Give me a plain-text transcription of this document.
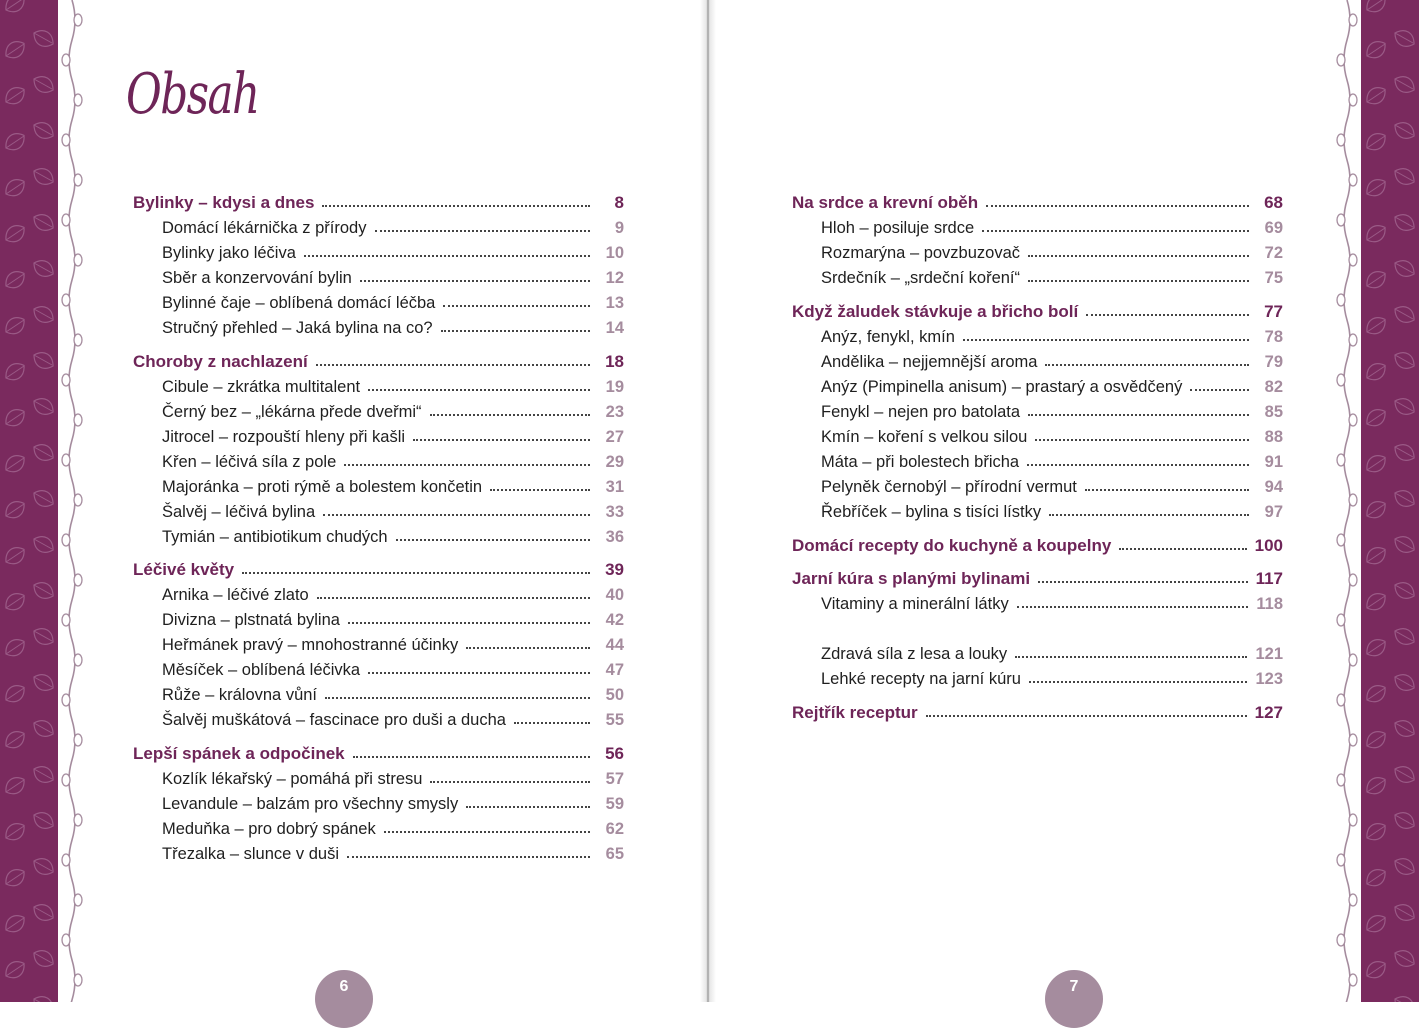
Obsah
Bylinky – kdysi a dnes	8
Domácí lékárnička z přírody	9
Bylinky jako léčiva	10
Sběr a konzervování bylin	12
Bylinné čaje – oblíbená domácí léčba	13
Stručný přehled – Jaká bylina na co?	14
Choroby z nachlazení	18
Cibule – zkrátka multitalent	19
Černý bez – „lékárna přede dveřmi“	23
Jitrocel – rozpouští hleny při kašli	27
Křen – léčivá síla z pole	29
Majoránka – proti rýmě a bolestem končetin	31
Šalvěj – léčivá bylina	33
Tymián – antibiotikum chudých	36
Léčivé květy	39
Arnika – léčivé zlato	40
Divizna – plstnatá bylina	42
Heřmánek pravý – mnohostranné účinky	44
Měsíček – oblíbená léčivka	47
Růže – královna vůní	50
Šalvěj muškátová – fascinace pro duši a ducha	55
Lepší spánek a odpočinek	56
Kozlík lékařský – pomáhá při stresu	57
Levandule – balzám pro všechny smysly	59
Meduňka – pro dobrý spánek	62
Třezalka – slunce v duši	65
Na srdce a krevní oběh	68
Hloh – posiluje srdce	69
Rozmarýna – povzbuzovač	72
Srdečník – „srdeční koření“	75
Když žaludek stávkuje a břicho bolí	77
Anýz, fenykl, kmín	78
Andělika – nejjemnější aroma	79
Anýz (Pimpinella anisum) – prastarý a osvědčený	82
Fenykl – nejen pro batolata	85
Kmín – koření s velkou silou	88
Máta – při bolestech břicha	91
Pelyněk černobýl – přírodní vermut	94
Řebříček – bylina s tisíci lístky	97
Domácí recepty do kuchyně a koupelny	100
Jarní kúra s planými bylinami	117
Vitaminy a minerální látky	118
Zdravá síla z lesa a louky	121
Lehké recepty na jarní kúru	123
Rejtřík receptur	127
6	7
